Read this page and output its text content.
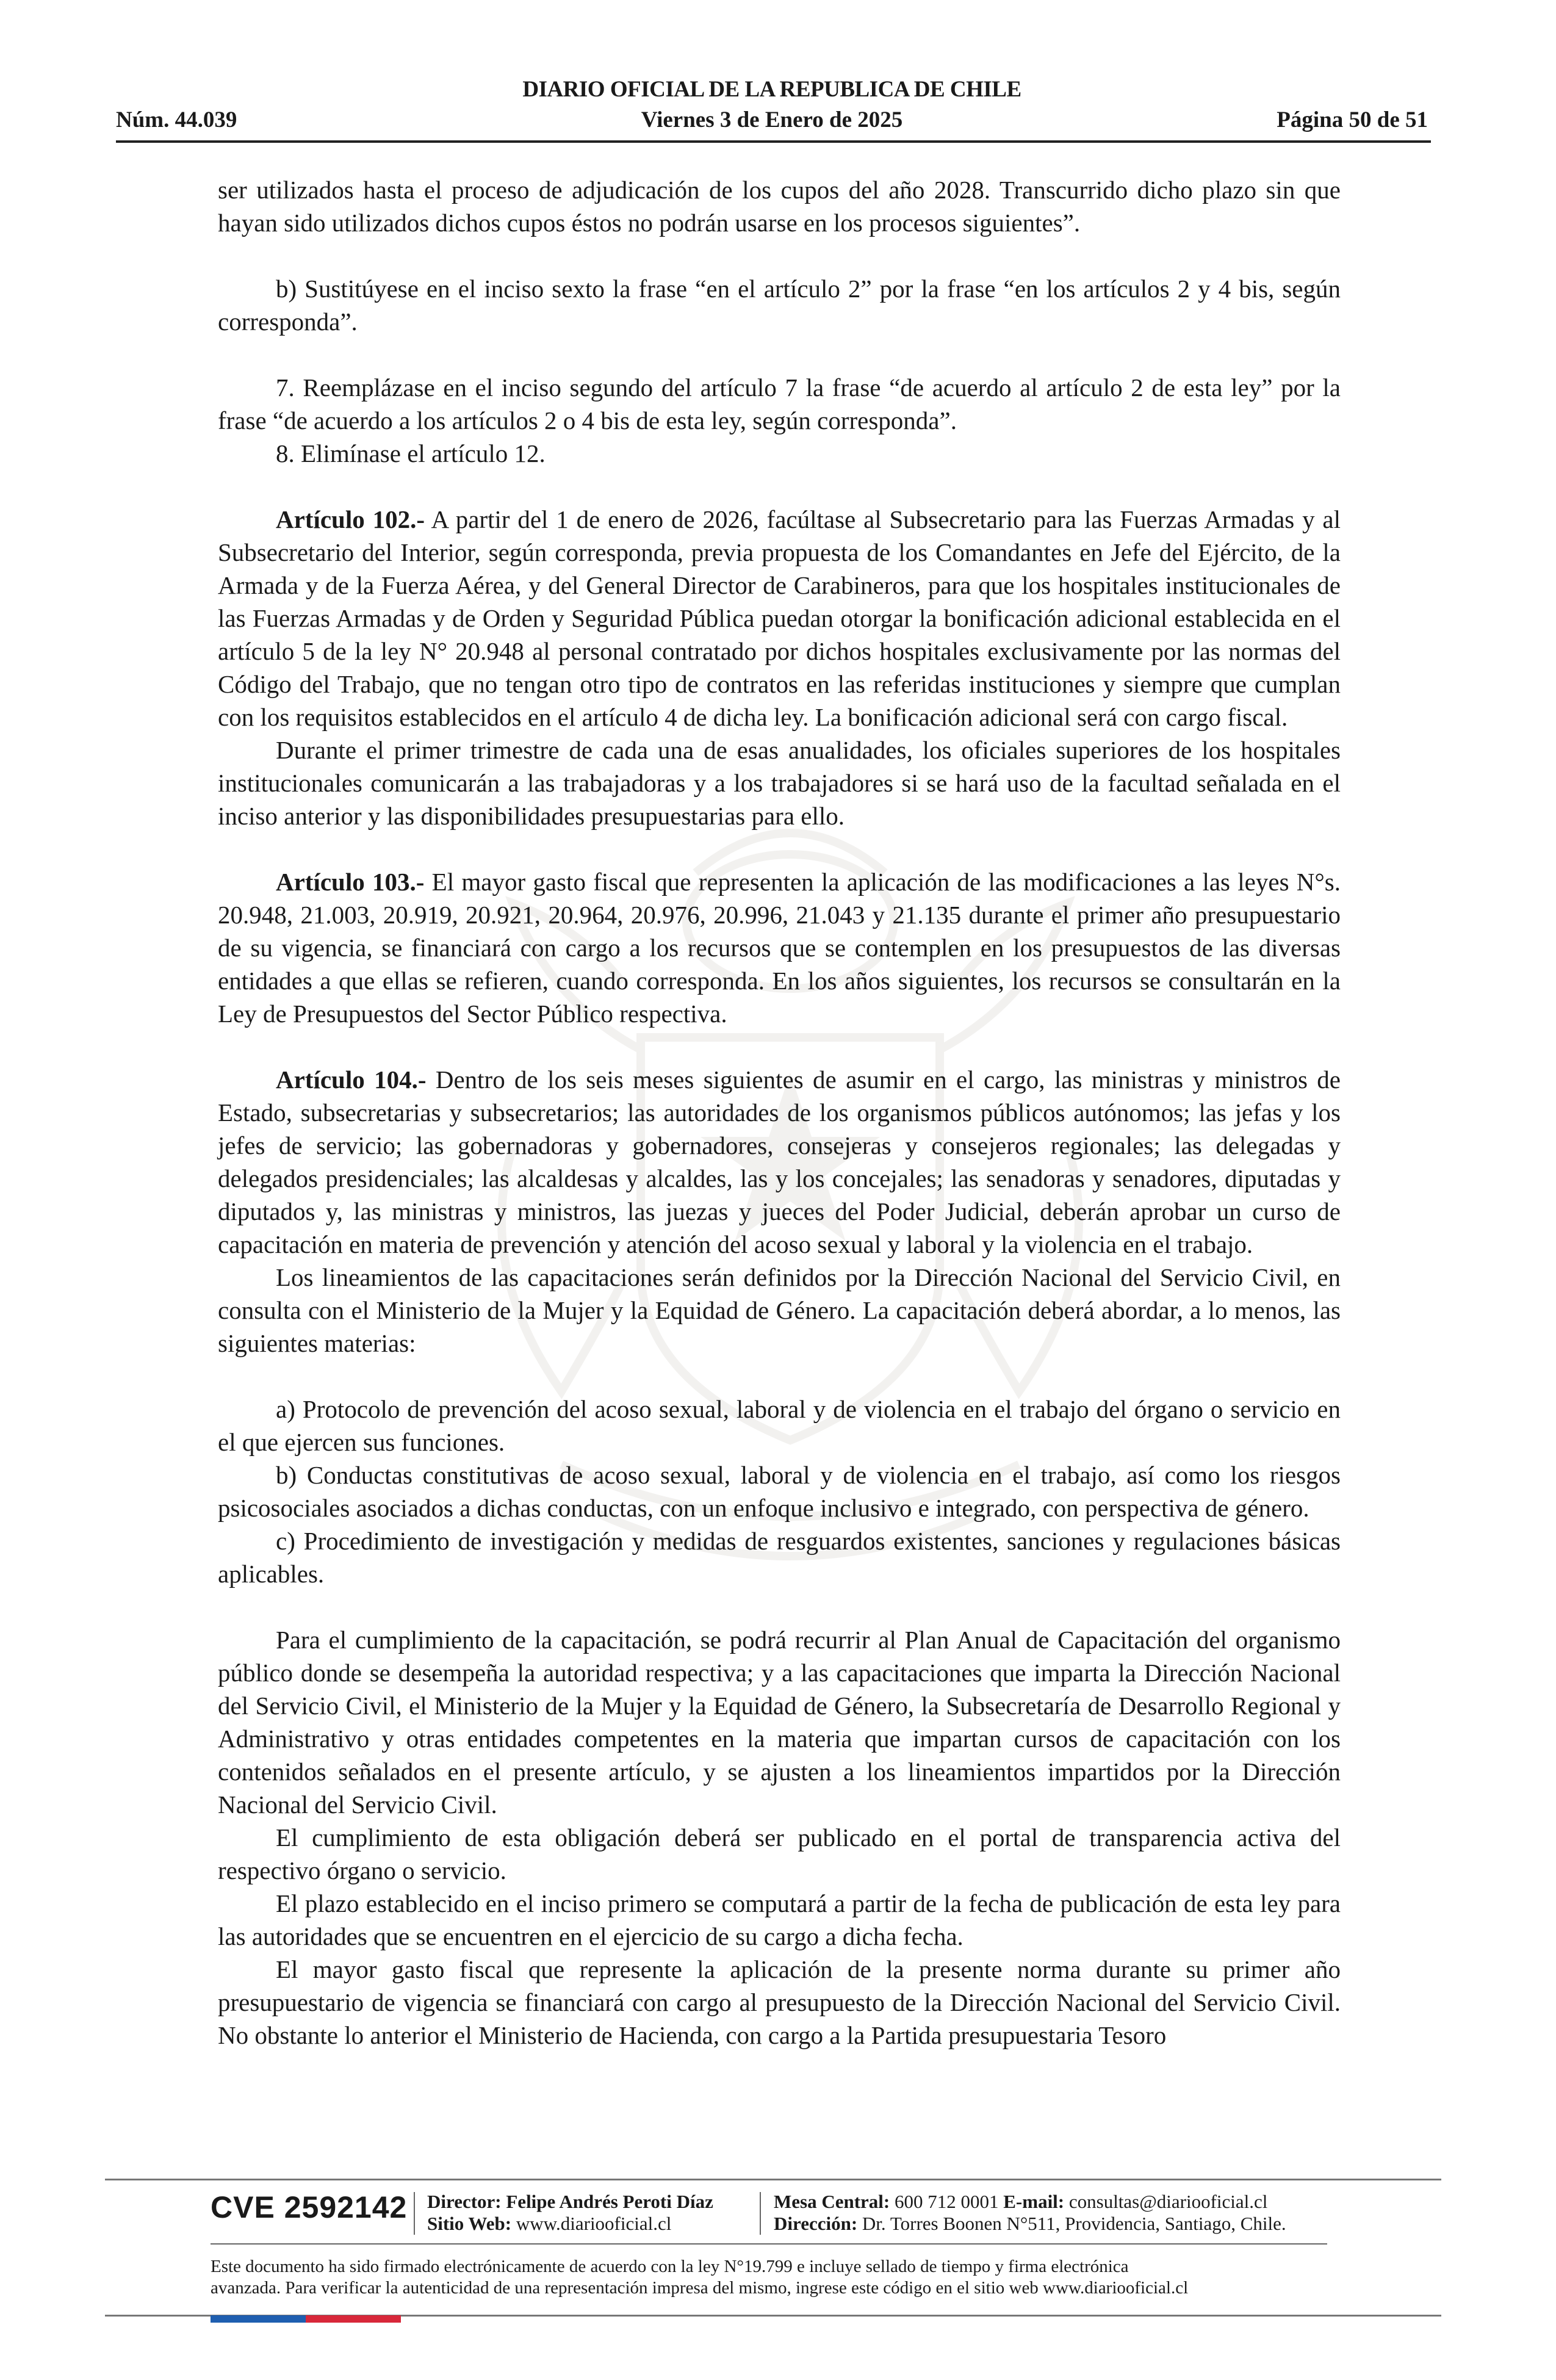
DIARIO OFICIAL DE LA REPUBLICA DE CHILE
Núm. 44.039	Viernes 3 de Enero de 2025	Página 50 de 51

ser utilizados hasta el proceso de adjudicación de los cupos del año 2028. Transcurrido dicho plazo sin que hayan sido utilizados dichos cupos éstos no podrán usarse en los procesos siguientes”.

b) Sustitúyese en el inciso sexto la frase “en el artículo 2” por la frase “en los artículos 2 y 4 bis, según corresponda”.

7. Reemplázase en el inciso segundo del artículo 7 la frase “de acuerdo al artículo 2 de esta ley” por la frase “de acuerdo a los artículos 2 o 4 bis de esta ley, según corresponda”.

8. Elimínase el artículo 12.

Artículo 102.- A partir del 1 de enero de 2026, facúltase al Subsecretario para las Fuerzas Armadas y al Subsecretario del Interior, según corresponda, previa propuesta de los Comandantes en Jefe del Ejército, de la Armada y de la Fuerza Aérea, y del General Director de Carabineros, para que los hospitales institucionales de las Fuerzas Armadas y de Orden y Seguridad Pública puedan otorgar la bonificación adicional establecida en el artículo 5 de la ley N° 20.948 al personal contratado por dichos hospitales exclusivamente por las normas del Código del Trabajo, que no tengan otro tipo de contratos en las referidas instituciones y siempre que cumplan con los requisitos establecidos en el artículo 4 de dicha ley. La bonificación adicional será con cargo fiscal.

Durante el primer trimestre de cada una de esas anualidades, los oficiales superiores de los hospitales institucionales comunicarán a las trabajadoras y a los trabajadores si se hará uso de la facultad señalada en el inciso anterior y las disponibilidades presupuestarias para ello.

Artículo 103.- El mayor gasto fiscal que representen la aplicación de las modificaciones a las leyes N°s. 20.948, 21.003, 20.919, 20.921, 20.964, 20.976, 20.996, 21.043 y 21.135 durante el primer año presupuestario de su vigencia, se financiará con cargo a los recursos que se contemplen en los presupuestos de las diversas entidades a que ellas se refieren, cuando corresponda. En los años siguientes, los recursos se consultarán en la Ley de Presupuestos del Sector Público respectiva.

Artículo 104.- Dentro de los seis meses siguientes de asumir en el cargo, las ministras y ministros de Estado, subsecretarias y subsecretarios; las autoridades de los organismos públicos autónomos; las jefas y los jefes de servicio; las gobernadoras y gobernadores, consejeras y consejeros regionales; las delegadas y delegados presidenciales; las alcaldesas y alcaldes, las y los concejales; las senadoras y senadores, diputadas y diputados y, las ministras y ministros, las juezas y jueces del Poder Judicial, deberán aprobar un curso de capacitación en materia de prevención y atención del acoso sexual y laboral y la violencia en el trabajo.

Los lineamientos de las capacitaciones serán definidos por la Dirección Nacional del Servicio Civil, en consulta con el Ministerio de la Mujer y la Equidad de Género. La capacitación deberá abordar, a lo menos, las siguientes materias:

a) Protocolo de prevención del acoso sexual, laboral y de violencia en el trabajo del órgano o servicio en el que ejercen sus funciones.

b) Conductas constitutivas de acoso sexual, laboral y de violencia en el trabajo, así como los riesgos psicosociales asociados a dichas conductas, con un enfoque inclusivo e integrado, con perspectiva de género.

c) Procedimiento de investigación y medidas de resguardos existentes, sanciones y regulaciones básicas aplicables.

Para el cumplimiento de la capacitación, se podrá recurrir al Plan Anual de Capacitación del organismo público donde se desempeña la autoridad respectiva; y a las capacitaciones que imparta la Dirección Nacional del Servicio Civil, el Ministerio de la Mujer y la Equidad de Género, la Subsecretaría de Desarrollo Regional y Administrativo y otras entidades competentes en la materia que impartan cursos de capacitación con los contenidos señalados en el presente artículo, y se ajusten a los lineamientos impartidos por la Dirección Nacional del Servicio Civil.

El cumplimiento de esta obligación deberá ser publicado en el portal de transparencia activa del respectivo órgano o servicio.

El plazo establecido en el inciso primero se computará a partir de la fecha de publicación de esta ley para las autoridades que se encuentren en el ejercicio de su cargo a dicha fecha.

El mayor gasto fiscal que represente la aplicación de la presente norma durante su primer año presupuestario de vigencia se financiará con cargo al presupuesto de la Dirección Nacional del Servicio Civil. No obstante lo anterior el Ministerio de Hacienda, con cargo a la Partida presupuestaria Tesoro

CVE 2592142 Director: Felipe Andrés Peroti Díaz
Sitio Web: www.diariooficial.cl
Mesa Central: 600 712 0001 E-mail: consultas@diariooficial.cl
Dirección: Dr. Torres Boonen N°511, Providencia, Santiago, Chile.
Este documento ha sido firmado electrónicamente de acuerdo con la ley N°19.799 e incluye sellado de tiempo y firma electrónica
avanzada. Para verificar la autenticidad de una representación impresa del mismo, ingrese este código en el sitio web www.diariooficial.cl
